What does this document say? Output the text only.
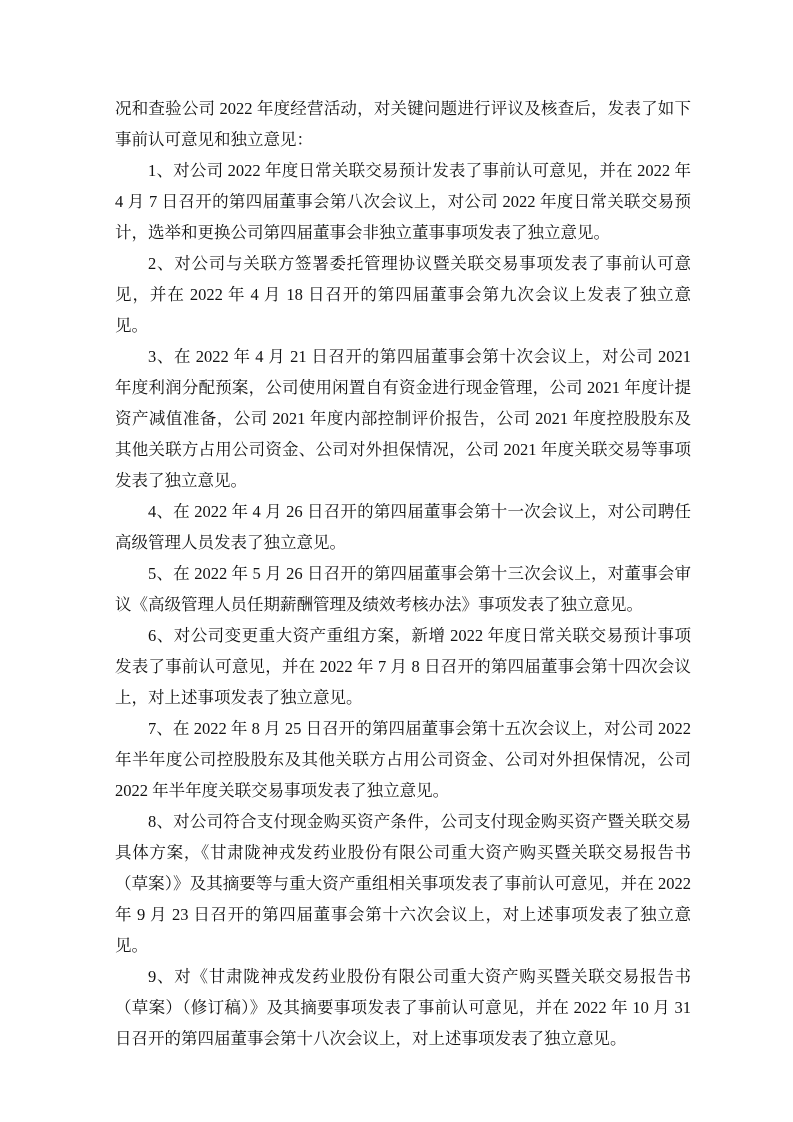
况和查验公司 2022 年度经营活动，对关键问题进行评议及核查后，发表了如下事前认可意见和独立意见：

1、对公司 2022 年度日常关联交易预计发表了事前认可意见，并在 2022 年 4 月 7 日召开的第四届董事会第八次会议上，对公司 2022 年度日常关联交易预计，选举和更换公司第四届董事会非独立董事事项发表了独立意见。

2、对公司与关联方签署委托管理协议暨关联交易事项发表了事前认可意见，并在 2022 年 4 月 18 日召开的第四届董事会第九次会议上发表了独立意见。

3、在 2022 年 4 月 21 日召开的第四届董事会第十次会议上，对公司 2021 年度利润分配预案，公司使用闲置自有资金进行现金管理，公司 2021 年度计提资产减值准备，公司 2021 年度内部控制评价报告，公司 2021 年度控股股东及其他关联方占用公司资金、公司对外担保情况，公司 2021 年度关联交易等事项发表了独立意见。

4、在 2022 年 4 月 26 日召开的第四届董事会第十一次会议上，对公司聘任高级管理人员发表了独立意见。

5、在 2022 年 5 月 26 日召开的第四届董事会第十三次会议上，对董事会审议《高级管理人员任期薪酬管理及绩效考核办法》事项发表了独立意见。

6、对公司变更重大资产重组方案，新增 2022 年度日常关联交易预计事项发表了事前认可意见，并在 2022 年 7 月 8 日召开的第四届董事会第十四次会议上，对上述事项发表了独立意见。

7、在 2022 年 8 月 25 日召开的第四届董事会第十五次会议上，对公司 2022 年半年度公司控股股东及其他关联方占用公司资金、公司对外担保情况，公司 2022 年半年度关联交易事项发表了独立意见。

8、对公司符合支付现金购买资产条件，公司支付现金购买资产暨关联交易具体方案，《甘肃陇神戎发药业股份有限公司重大资产购买暨关联交易报告书（草案）》及其摘要等与重大资产重组相关事项发表了事前认可意见，并在 2022 年 9 月 23 日召开的第四届董事会第十六次会议上，对上述事项发表了独立意见。

9、对《甘肃陇神戎发药业股份有限公司重大资产购买暨关联交易报告书（草案）（修订稿）》及其摘要事项发表了事前认可意见，并在 2022 年 10 月 31 日召开的第四届董事会第十八次会议上，对上述事项发表了独立意见。
